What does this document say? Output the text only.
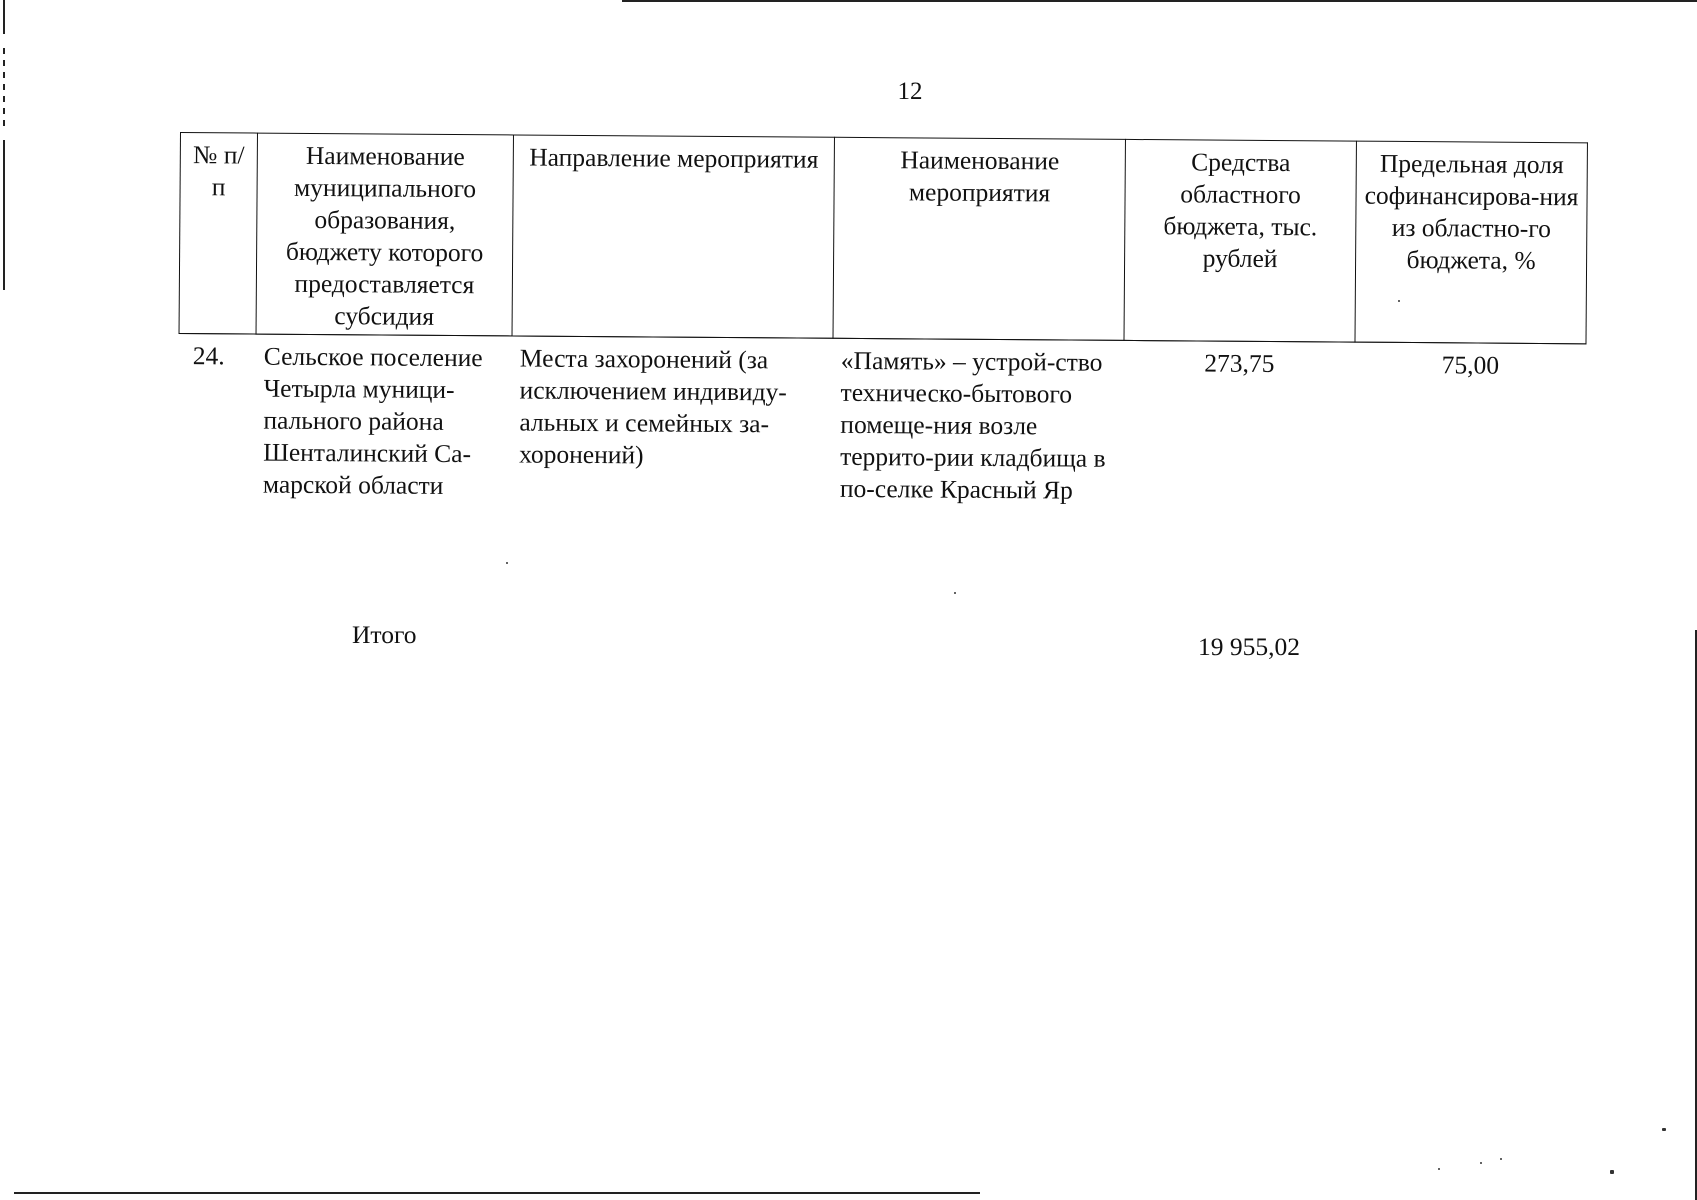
12
№ п/п	Наименование муниципального образования, бюджету которого предоставляется субсидия	Направление мероприятия	Наименование мероприятия	Средства областного бюджета, тыс. рублей	Предельная доля софинансирова-ния из областно-го бюджета, %
24.	Сельское поселение Четырла муници-пального района Шенталинский Са-марской области	Места захоронений (за исключением индивиду-альных и семейных за-хоронений)	«Память» – устрой-ство техническо-бытового помеще-ния возле террито-рии кладбища в по-селке Красный Яр	273,75	75,00
Итого	19 955,02
